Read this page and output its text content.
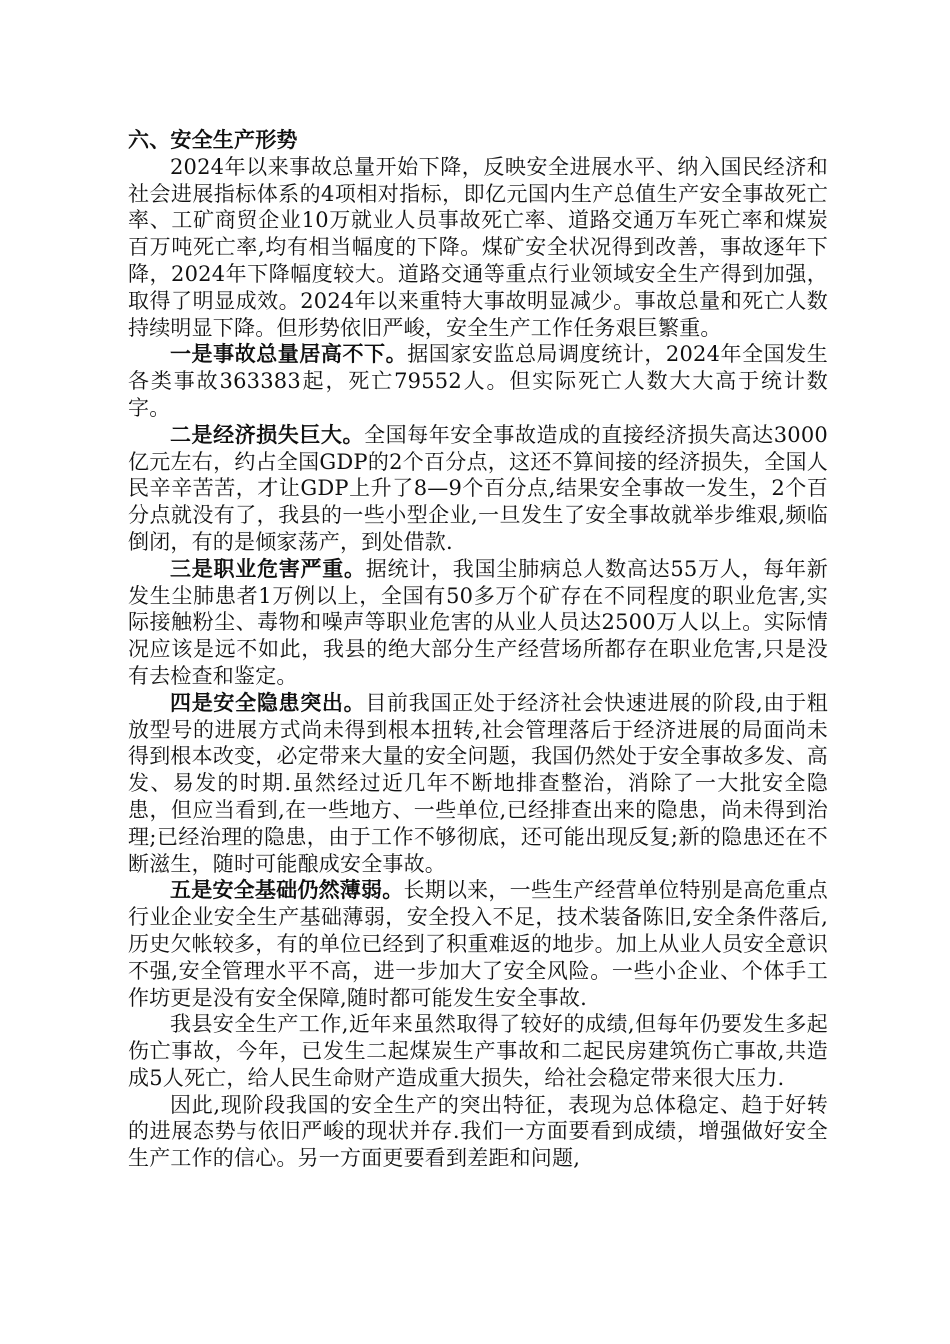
六、安全生产形势

2024年以来事故总量开始下降，反映安全进展水平、纳入国民经济和社会进展指标体系的4项相对指标，即亿元国内生产总值生产安全事故死亡率、工矿商贸企业10万就业人员事故死亡率、道路交通万车死亡率和煤炭百万吨死亡率,均有相当幅度的下降。煤矿安全状况得到改善，事故逐年下降，2024年下降幅度较大。道路交通等重点行业领域安全生产得到加强，取得了明显成效。2024年以来重特大事故明显减少。事故总量和死亡人数持续明显下降。但形势依旧严峻，安全生产工作任务艰巨繁重。

一是事故总量居高不下。据国家安监总局调度统计，2024年全国发生各类事故363383起，死亡79552人。但实际死亡人数大大高于统计数字。

二是经济损失巨大。全国每年安全事故造成的直接经济损失高达3000亿元左右，约占全国GDP的2个百分点，这还不算间接的经济损失，全国人民辛辛苦苦，才让GDP上升了8—9个百分点,结果安全事故一发生，2个百分点就没有了，我县的一些小型企业,一旦发生了安全事故就举步维艰,频临倒闭，有的是倾家荡产，到处借款.

三是职业危害严重。据统计，我国尘肺病总人数高达55万人，每年新发生尘肺患者1万例以上，全国有50多万个矿存在不同程度的职业危害,实际接触粉尘、毒物和噪声等职业危害的从业人员达2500万人以上。实际情况应该是远不如此，我县的绝大部分生产经营场所都存在职业危害,只是没有去检查和鉴定。

四是安全隐患突出。目前我国正处于经济社会快速进展的阶段,由于粗放型号的进展方式尚未得到根本扭转,社会管理落后于经济进展的局面尚未得到根本改变，必定带来大量的安全问题，我国仍然处于安全事故多发、高发、易发的时期.虽然经过近几年不断地排查整治，消除了一大批安全隐患，但应当看到,在一些地方、一些单位,已经排查出来的隐患，尚未得到治理;已经治理的隐患，由于工作不够彻底，还可能出现反复;新的隐患还在不断滋生，随时可能酿成安全事故。

五是安全基础仍然薄弱。长期以来，一些生产经营单位特别是高危重点行业企业安全生产基础薄弱，安全投入不足，技术装备陈旧,安全条件落后,历史欠帐较多，有的单位已经到了积重难返的地步。加上从业人员安全意识不强,安全管理水平不高，进一步加大了安全风险。一些小企业、个体手工作坊更是没有安全保障,随时都可能发生安全事故.

我县安全生产工作,近年来虽然取得了较好的成绩,但每年仍要发生多起伤亡事故，今年，已发生二起煤炭生产事故和二起民房建筑伤亡事故,共造成5人死亡，给人民生命财产造成重大损失，给社会稳定带来很大压力.

因此,现阶段我国的安全生产的突出特征，表现为总体稳定、趋于好转的进展态势与依旧严峻的现状并存.我们一方面要看到成绩，增强做好安全生产工作的信心。另一方面更要看到差距和问题,
